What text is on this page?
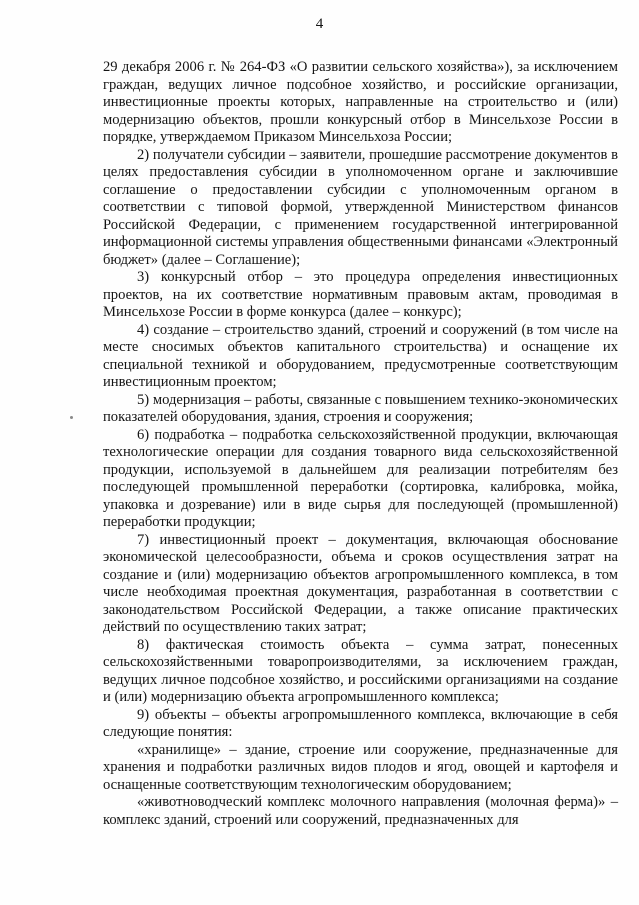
4

29 декабря 2006 г. № 264-ФЗ «О развитии сельского хозяйства»), за исключением граждан, ведущих личное подсобное хозяйство, и российские организации, инвестиционные проекты которых, направленные на строительство и (или) модернизацию объектов, прошли конкурсный отбор в Минсельхозе России в порядке, утверждаемом Приказом Минсельхоза России;

2) получатели субсидии – заявители, прошедшие рассмотрение документов в целях предоставления субсидии в уполномоченном органе и заключившие соглашение о предоставлении субсидии с уполномоченным органом в соответствии с типовой формой, утвержденной Министерством финансов Российской Федерации, с применением государственной интегрированной информационной системы управления общественными финансами «Электронный бюджет» (далее – Соглашение);

3) конкурсный отбор – это процедура определения инвестиционных проектов, на их соответствие нормативным правовым актам, проводимая в Минсельхозе России в форме конкурса (далее – конкурс);

4) создание – строительство зданий, строений и сооружений (в том числе на месте сносимых объектов капитального строительства) и оснащение их специальной техникой и оборудованием, предусмотренные соответствующим инвестиционным проектом;

5) модернизация – работы, связанные с повышением технико-экономических показателей оборудования, здания, строения и сооружения;

6) подработка – подработка сельскохозяйственной продукции, включающая технологические операции для создания товарного вида сельскохозяйственной продукции, используемой в дальнейшем для реализации потребителям без последующей промышленной переработки (сортировка, калибровка, мойка, упаковка и дозревание) или в виде сырья для последующей (промышленной) переработки продукции;

7) инвестиционный проект – документация, включающая обоснование экономической целесообразности, объема и сроков осуществления затрат на создание и (или) модернизацию объектов агропромышленного комплекса, в том числе необходимая проектная документация, разработанная в соответствии с законодательством Российской Федерации, а также описание практических действий по осуществлению таких затрат;

8) фактическая стоимость объекта – сумма затрат, понесенных сельскохозяйственными товаропроизводителями, за исключением граждан, ведущих личное подсобное хозяйство, и российскими организациями на создание и (или) модернизацию объекта агропромышленного комплекса;

9) объекты – объекты агропромышленного комплекса, включающие в себя следующие понятия:

«хранилище» – здание, строение или сооружение, предназначенные для хранения и подработки различных видов плодов и ягод, овощей и картофеля и оснащенные соответствующим технологическим оборудованием;

«животноводческий комплекс молочного направления (молочная ферма)» – комплекс зданий, строений или сооружений, предназначенных для
